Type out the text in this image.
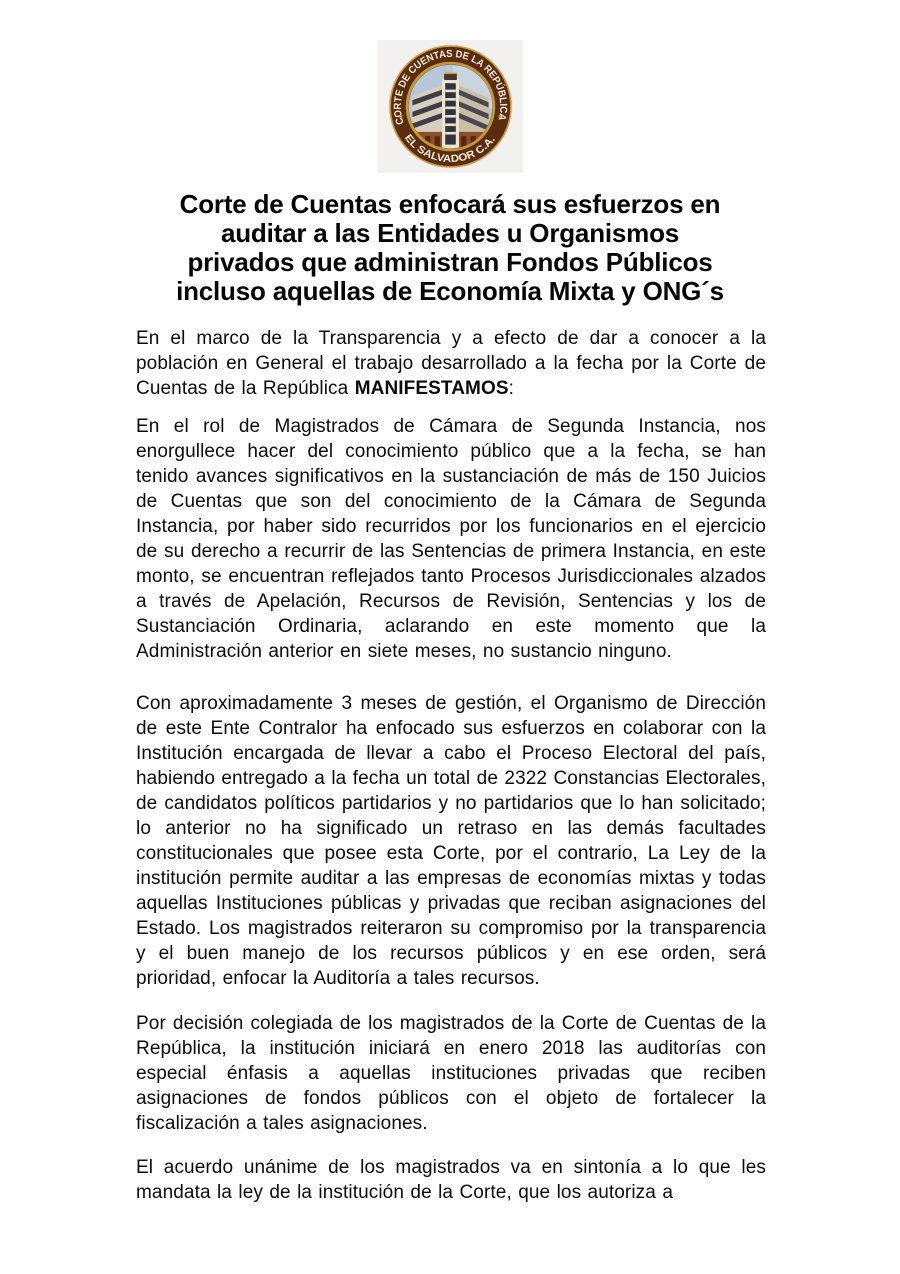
CORTE DE CUENTAS DE LA REPÚBLICA
EL SALVADOR C.A.
Corte de Cuentas enfocará sus esfuerzos en
auditar a las Entidades u Organismos
privados que administran Fondos Públicos
incluso aquellas de Economía Mixta y ONG´s

En el marco de la Transparencia y a efecto de dar a conocer a la población en General el trabajo desarrollado a la fecha por la Corte de Cuentas de la República MANIFESTAMOS:

En el rol de Magistrados de Cámara de Segunda Instancia, nos enorgullece hacer del conocimiento público que a la fecha, se han tenido avances significativos en la sustanciación de más de 150 Juicios de Cuentas que son del conocimiento de la Cámara de Segunda Instancia, por haber sido recurridos por los funcionarios en el ejercicio de su derecho a recurrir de las Sentencias de primera Instancia, en este monto, se encuentran reflejados tanto Procesos Jurisdiccionales alzados a través de Apelación, Recursos de Revisión, Sentencias y los de Sustanciación Ordinaria, aclarando en este momento que la Administración anterior en siete meses, no sustancio ninguno.

Con aproximadamente 3 meses de gestión, el Organismo de Dirección de este Ente Contralor ha enfocado sus esfuerzos en colaborar con la Institución encargada de llevar a cabo el Proceso Electoral del país, habiendo entregado a la fecha un total de 2322 Constancias Electorales, de candidatos políticos partidarios y no partidarios que lo han solicitado; lo anterior no ha significado un retraso en las demás facultades constitucionales que posee esta Corte, por el contrario, La Ley de la institución permite auditar a las empresas de economías mixtas y todas aquellas Instituciones públicas y privadas que reciban asignaciones del Estado. Los magistrados reiteraron su compromiso por la transparencia y el buen manejo de los recursos públicos y en ese orden, será prioridad, enfocar la Auditoría a tales recursos.

Por decisión colegiada de los magistrados de la Corte de Cuentas de la República, la institución iniciará en enero 2018 las auditorías con especial énfasis a aquellas instituciones privadas que reciben asignaciones de fondos públicos con el objeto de fortalecer la fiscalización a tales asignaciones.

El acuerdo unánime de los magistrados va en sintonía a lo que les mandata la ley de la institución de la Corte, que los autoriza a
